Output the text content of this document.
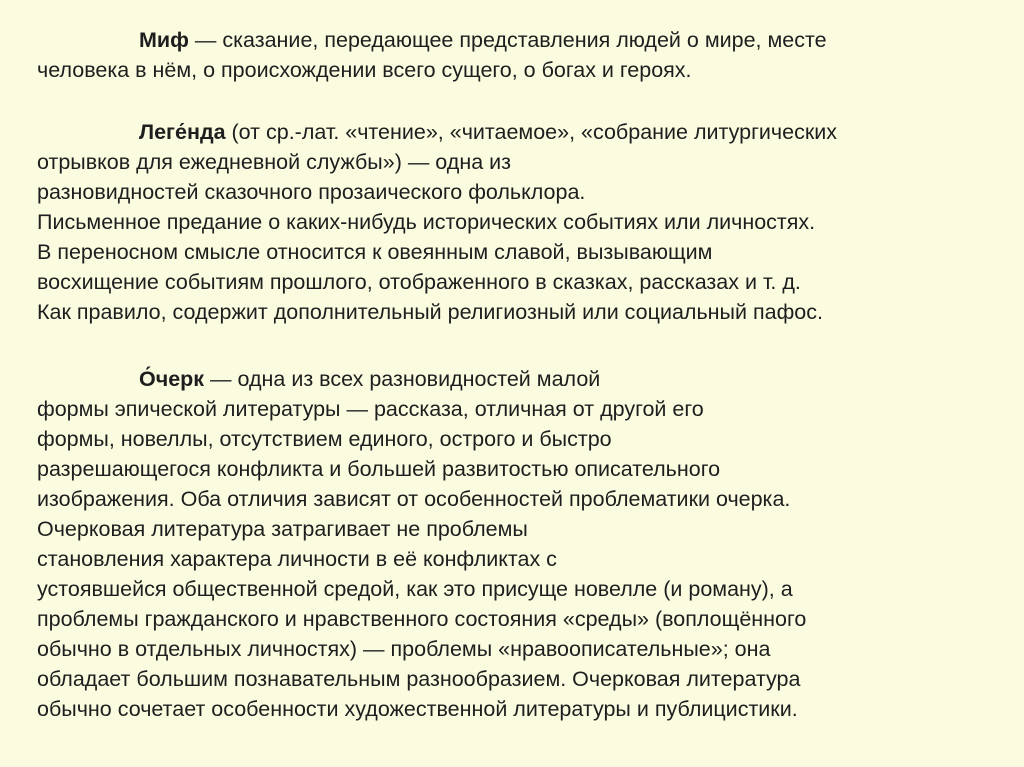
Миф — сказание, передающее представления людей о мире, месте
человека в нём, о происхождении всего сущего, о богах и героях.
Леге́нда (от ср.-лат. «чтение», «читаемое», «собрание литургических
отрывков для ежедневной службы») — одна из
разновидностей сказочного прозаического фольклора.
Письменное предание о каких-нибудь исторических событиях или личностях.
В переносном смысле относится к овеянным славой, вызывающим
восхищение событиям прошлого, отображенного в сказках, рассказах и т. д.
Как правило, содержит дополнительный религиозный или социальный пафос.
О́черк — одна из всех разновидностей малой
формы эпической литературы — рассказа, отличная от другой его
формы, новеллы, отсутствием единого, острого и быстро
разрешающегося конфликта и большей развитостью описательного
изображения. Оба отличия зависят от особенностей проблематики очерка.
Очерковая литература затрагивает не проблемы
становления характера личности в её конфликтах с
устоявшейся общественной средой, как это присуще новелле (и роману), а
проблемы гражданского и нравственного состояния «среды» (воплощённого
обычно в отдельных личностях) — проблемы «нравоописательные»; она
обладает большим познавательным разнообразием. Очерковая литература
обычно сочетает особенности художественной литературы и публицистики.
